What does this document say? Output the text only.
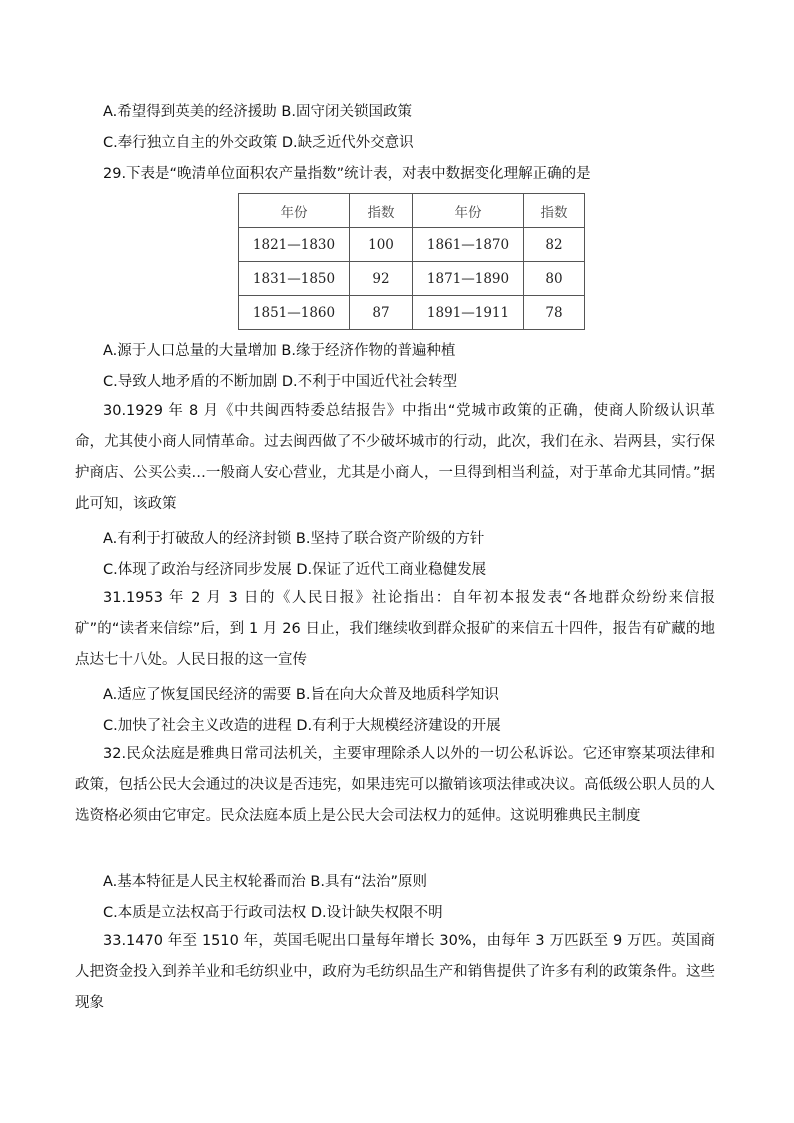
A.希望得到英美的经济援助 B.固守闭关锁国政策
C.奉行独立自主的外交政策 D.缺乏近代外交意识
29.下表是“晚清单位面积农产量指数”统计表，对表中数据变化理解正确的是
年份	指数	年份	指数
1821—1830	100	1861—1870	82
1831—1850	92	1871—1890	80
1851—1860	87	1891—1911	78
A.源于人口总量的大量增加 B.缘于经济作物的普遍种植
C.导致人地矛盾的不断加剧 D.不利于中国近代社会转型
30.1929 年 8 月《中共闽西特委总结报告》中指出“党城市政策的正确，使商人阶级认识革命，尤其使小商人同情革命。过去闽西做了不少破坏城市的行动，此次，我们在永、岩两县，实行保护商店、公买公卖…一般商人安心营业，尤其是小商人，一旦得到相当利益，对于革命尤其同情。”据此可知，该政策
A.有利于打破敌人的经济封锁 B.坚持了联合资产阶级的方针
C.体现了政治与经济同步发展 D.保证了近代工商业稳健发展
31.1953 年 2 月 3 日的《人民日报》社论指出：自年初本报发表“各地群众纷纷来信报矿”的“读者来信综”后，到 1 月 26 日止，我们继续收到群众报矿的来信五十四件，报告有矿藏的地点达七十八处。人民日报的这一宣传
A.适应了恢复国民经济的需要 B.旨在向大众普及地质科学知识
C.加快了社会主义改造的进程 D.有利于大规模经济建设的开展
32.民众法庭是雅典日常司法机关，主要审理除杀人以外的一切公私诉讼。它还审察某项法律和政策，包括公民大会通过的决议是否违宪，如果违宪可以撤销该项法律或决议。高低级公职人员的人选资格必须由它审定。民众法庭本质上是公民大会司法权力的延伸。这说明雅典民主制度
A.基本特征是人民主权轮番而治 B.具有“法治”原则
C.本质是立法权高于行政司法权 D.设计缺失权限不明
33.1470 年至 1510 年，英国毛呢出口量每年增长 30%，由每年 3 万匹跃至 9 万匹。英国商人把资金投入到养羊业和毛纺织业中，政府为毛纺织品生产和销售提供了许多有利的政策条件。这些现象
